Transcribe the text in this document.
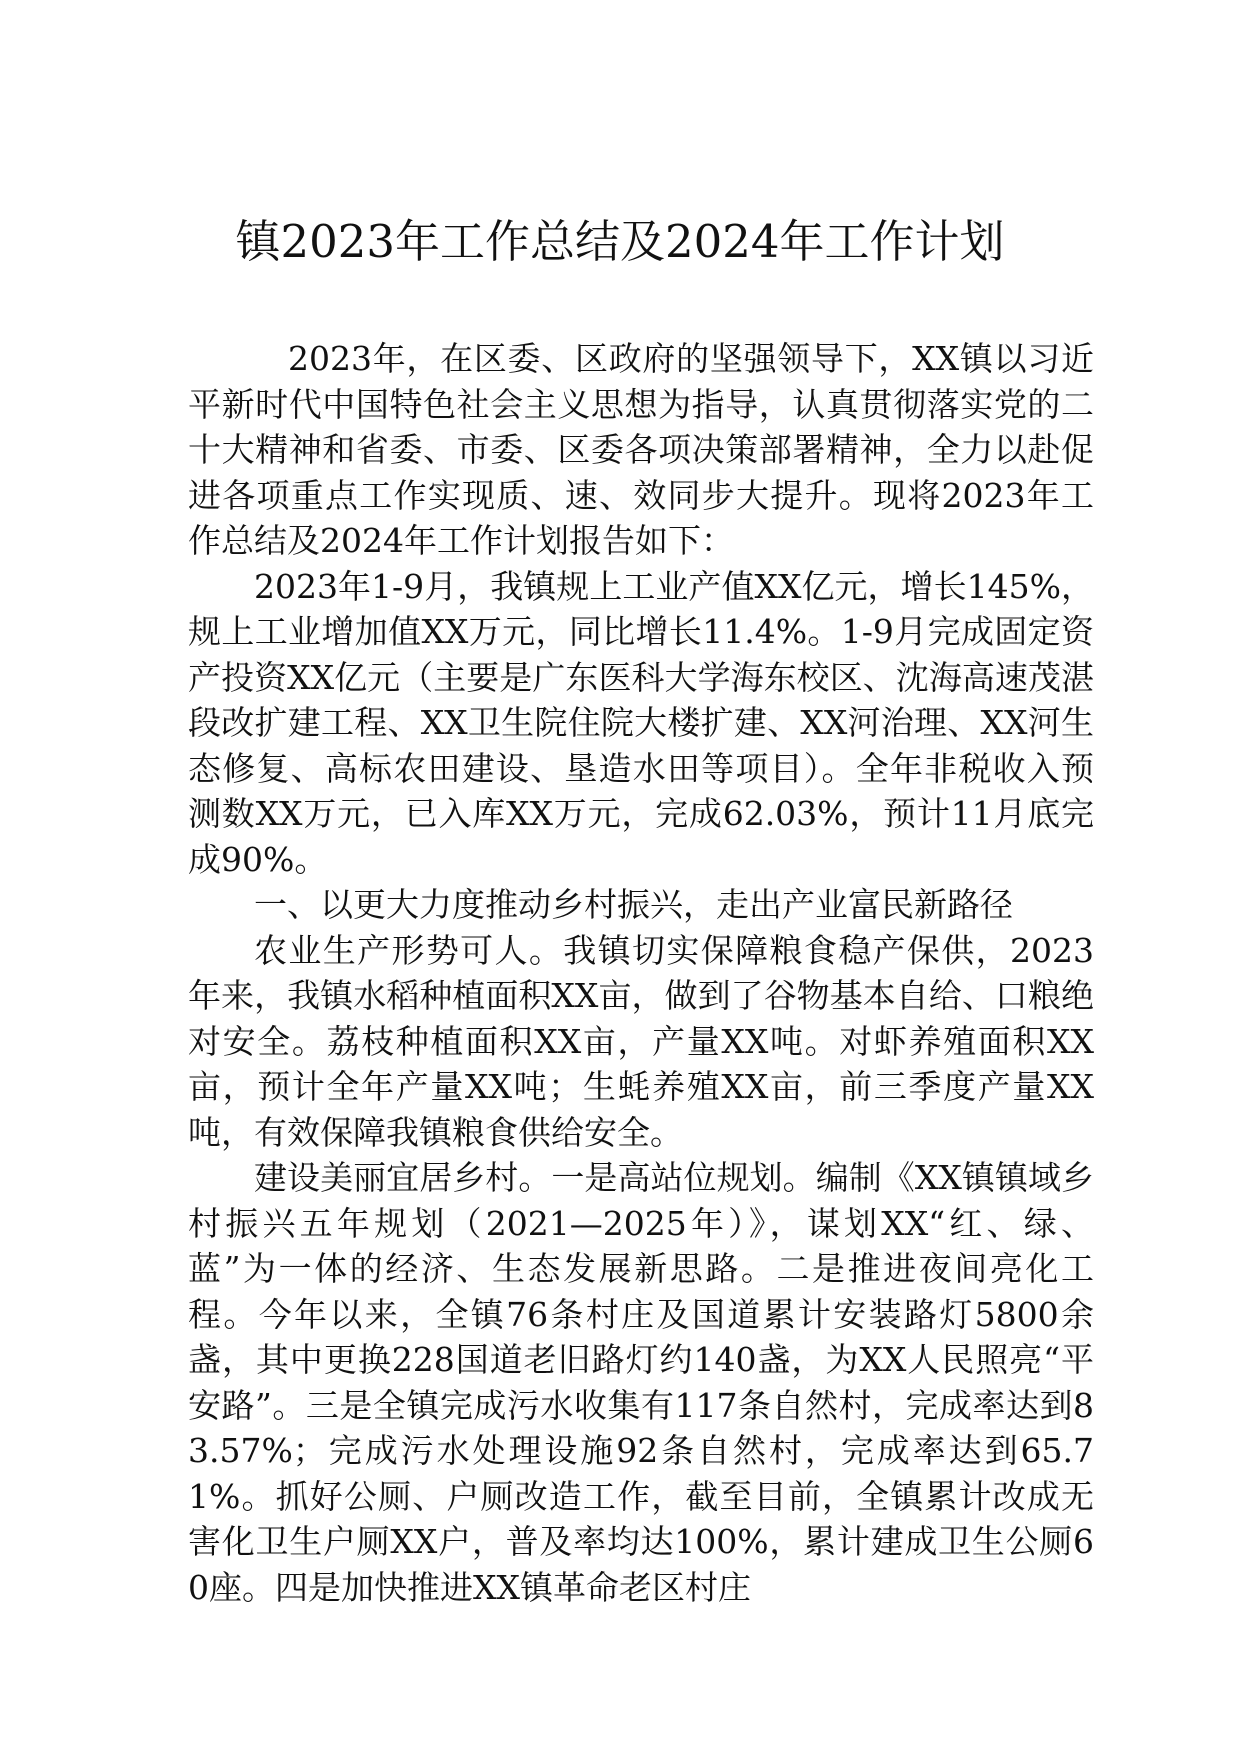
镇2023年工作总结及2024年工作计划

2023年，在区委、区政府的坚强领导下，XX镇以习近平新时代中国特色社会主义思想为指导，认真贯彻落实党的二十大精神和省委、市委、区委各项决策部署精神，全力以赴促进各项重点工作实现质、速、效同步大提升。现将2023年工作总结及2024年工作计划报告如下：

2023年1-9月，我镇规上工业产值XX亿元，增长145%，规上工业增加值XX万元，同比增长11.4%。1-9月完成固定资产投资XX亿元（主要是广东医科大学海东校区、沈海高速茂湛段改扩建工程、XX卫生院住院大楼扩建、XX河治理、XX河生态修复、高标农田建设、垦造水田等项目）。全年非税收入预测数XX万元，已入库XX万元，完成62.03%，预计11月底完成90%。

一、以更大力度推动乡村振兴，走出产业富民新路径

农业生产形势可人。我镇切实保障粮食稳产保供，2023年来，我镇水稻种植面积XX亩，做到了谷物基本自给、口粮绝对安全。荔枝种植面积XX亩，产量XX吨。对虾养殖面积XX亩，预计全年产量XX吨；生蚝养殖XX亩，前三季度产量XX吨，有效保障我镇粮食供给安全。

建设美丽宜居乡村。一是高站位规划。编制《XX镇镇域乡村振兴五年规划（2021—2025年）》，谋划XX“红、绿、蓝”为一体的经济、生态发展新思路。二是推进夜间亮化工程。今年以来，全镇76条村庄及国道累计安装路灯5800余盏，其中更换228国道老旧路灯约140盏，为XX人民照亮“平安路”。三是全镇完成污水收集有117条自然村，完成率达到83.57%；完成污水处理设施92条自然村，完成率达到65.71%。抓好公厕、户厕改造工作，截至目前，全镇累计改成无害化卫生户厕XX户，普及率均达100%，累计建成卫生公厕60座。四是加快推进XX镇革命老区村庄
